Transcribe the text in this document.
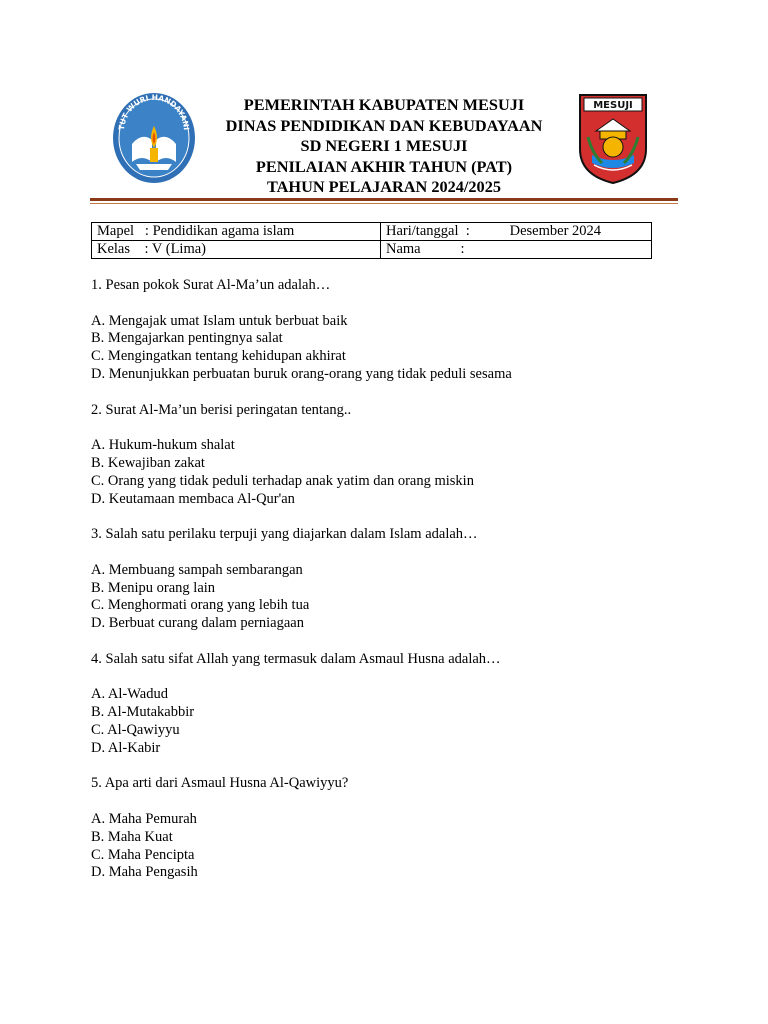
TUT WURI HANDAYANI
PEMERINTAH KABUPATEN MESUJI
DINAS PENDIDIKAN DAN KEBUDAYAAN
SD NEGERI 1 MESUJI
PENILAIAN AKHIR TAHUN (PAT)
TAHUN PELAJARAN 2024/2025
MESUJI
Mapel   : Pendidikan agama islam	Hari/tanggal  :           Desember 2024
Kelas    : V (Lima)	Nama           :
1. Pesan pokok Surat Al-Ma’un adalah…
A. Mengajak umat Islam untuk berbuat baik
B. Mengajarkan pentingnya salat
C. Mengingatkan tentang kehidupan akhirat
D. Menunjukkan perbuatan buruk orang-orang yang tidak peduli sesama
2. Surat Al-Ma’un berisi peringatan tentang..
A. Hukum-hukum shalat
B. Kewajiban zakat
C. Orang yang tidak peduli terhadap anak yatim dan orang miskin
D. Keutamaan membaca Al-Qur'an
3. Salah satu perilaku terpuji yang diajarkan dalam Islam adalah…
A. Membuang sampah sembarangan
B. Menipu orang lain
C. Menghormati orang yang lebih tua
D. Berbuat curang dalam perniagaan
4. Salah satu sifat Allah yang termasuk dalam Asmaul Husna adalah…
A. Al-Wadud
B. Al-Mutakabbir
C. Al-Qawiyyu
D. Al-Kabir
5. Apa arti dari Asmaul Husna Al-Qawiyyu?
A. Maha Pemurah
B. Maha Kuat
C. Maha Pencipta
D. Maha Pengasih
